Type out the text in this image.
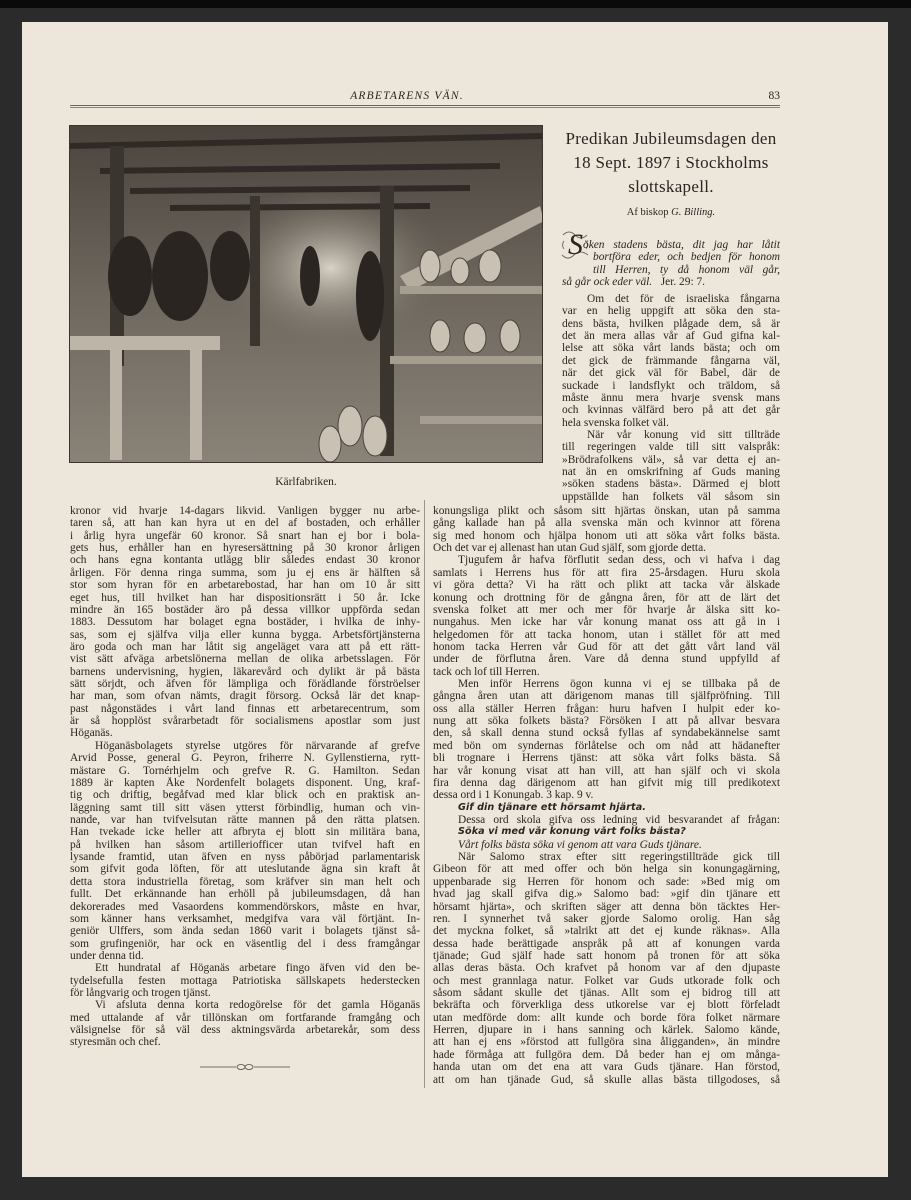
ARBETARENS VÄN.	83
Kärlfabriken.
kronor vid hvarje 14-dagars likvid. Vanligen bygger nu arbe-
taren så, att han kan hyra ut en del af bostaden, och erhåller
i årlig hyra ungefär 60 kronor. Så snart han ej bor i bola-
gets hus, erhåller han en hyresersättning på 30 kronor årligen
och hans egna kontanta utlägg blir således endast 30 kronor
årligen. För denna ringa summa, som ju ej ens är hälften så
stor som hyran för en arbetarebostad, har han om 10 år sitt
eget hus, till hvilket han har dispositionsrätt i 50 år. Icke
mindre än 165 bostäder äro på dessa villkor uppförda sedan
1883. Dessutom har bolaget egna bostäder, i hvilka de inhy-
sas, som ej själfva vilja eller kunna bygga. Arbetsförtjänsterna
äro goda och man har låtit sig angeläget vara att på ett rätt-
vist sätt afväga arbetslönerna mellan de olika arbetsslagen. För
barnens undervisning, hygien, läkarevård och dylikt är på bästa
sätt sörjdt, och äfven för lämpliga och förädlande förströelser
har man, som ofvan nämts, dragit försorg. Också lär det knap-
past någonstädes i vårt land finnas ett arbetarecentrum, som
är så hopplöst svårarbetadt för socialismens apostlar som just
Höganäs.
Höganäsbolagets styrelse utgöres för närvarande af grefve
Arvid Posse, general G. Peyron, friherre N. Gyllenstierna, rytt-
mästare G. Tornérhjelm och grefve R. G. Hamilton. Sedan
1889 är kapten Åke Nordenfelt bolagets disponent. Ung, kraf-
tig och driftig, begåfvad med klar blick och en praktisk an-
läggning samt till sitt väsen ytterst förbindlig, human och vin-
nande, var han tvifvelsutan rätte mannen på den rätta platsen.
Han tvekade icke heller att afbryta ej blott sin militära bana,
på hvilken han såsom artilleriofficer utan tvifvel haft en
lysande framtid, utan äfven en nyss påbörjad parlamentarisk
som gifvit goda löften, för att uteslutande ägna sin kraft åt
detta stora industriella företag, som kräfver sin man helt och
fullt. Det erkännande han erhöll på jubileumsdagen, då han
dekorerades med Vasaordens kommendörskors, måste en hvar,
som känner hans verksamhet, medgifva vara väl förtjänt. In-
geniör Ulffers, som ända sedan 1860 varit i bolagets tjänst så-
som grufingeniör, har ock en väsentlig del i dess framgångar
under denna tid.
Ett hundratal af Höganäs arbetare fingo äfven vid den be-
tydelsefulla festen mottaga Patriotiska sällskapets hederstecken
för långvarig och trogen tjänst.
Vi afsluta denna korta redogörelse för det gamla Höganäs
med uttalande af vår tillönskan om fortfarande framgång och
välsignelse för så väl dess aktningsvärda arbetarekår, som dess
styresmän och chef.
Predikan Jubileumsdagen den
18 Sept. 1897 i Stockholms
slottskapell.
Af biskop G. Billing.
S öken stadens bästa, dit jag har låtit
bortföra eder, och bedjen för honom
till Herren, ty då honom väl går,
så går ock eder väl. Jer. 29: 7.
Om det för de israeliska fångarna
var en helig uppgift att söka den sta-
dens bästa, hvilken plågade dem, så är
det än mera allas vår af Gud gifna kal-
lelse att söka vårt lands bästa; och om
det gick de främmande fångarna väl,
när det gick väl för Babel, där de
suckade i landsflykt och träldom, så
måste ännu mera hvarje svensk mans
och kvinnas välfärd bero på att det går
hela svenska folket väl.
När vår konung vid sitt tillträde
till regeringen valde till sitt valspråk:
»Brödrafolkens väl», så var detta ej an-
nat än en omskrifning af Guds maning
»söken stadens bästa». Därmed ej blott
uppställde han folkets väl såsom sin
konungsliga plikt och såsom sitt hjärtas önskan, utan på samma
gång kallade han på alla svenska män och kvinnor att förena
sig med honom och hjälpa honom uti att söka vårt folks bästa.
Och det var ej allenast han utan Gud själf, som gjorde detta.
Tjugufem år hafva förflutit sedan dess, och vi hafva i dag
samlats i Herrens hus för att fira 25-årsdagen. Huru skola
vi göra detta? Vi ha rätt och plikt att tacka vår älskade
konung och drottning för de gångna åren, för att de lärt det
svenska folket att mer och mer för hvarje år älska sitt ko-
nungahus. Men icke har vår konung manat oss att gå in i
helgedomen för att tacka honom, utan i stället för att med
honom tacka Herren vår Gud för att det gått vårt land väl
under de förflutna åren. Vare då denna stund uppfylld af
tack och lof till Herren.
Men inför Herrens ögon kunna vi ej se tillbaka på de
gångna åren utan att därigenom manas till själfpröfning. Till
oss alla ställer Herren frågan: huru hafven I hulpit eder ko-
nung att söka folkets bästa? Försöken I att på allvar besvara
den, så skall denna stund också fyllas af syndabekännelse samt
med bön om syndernas förlåtelse och om nåd att hädanefter
bli trognare i Herrens tjänst: att söka vårt folks bästa. Så
har vår konung visat att han vill, att han själf och vi skola
fira denna dag därigenom att han gifvit mig till predikotext
dessa ord i 1 Konungab. 3 kap. 9 v.
Gif din tjänare ett hörsamt hjärta.
Dessa ord skola gifva oss ledning vid besvarandet af frågan:
Söka vi med vår konung vårt folks bästa?
Vårt folks bästa söka vi genom att vara Guds tjänare.
När Salomo strax efter sitt regeringstillträde gick till
Gibeon för att med offer och bön helga sin konungagärning,
uppenbarade sig Herren för honom och sade: »Bed mig om
hvad jag skall gifva dig.» Salomo bad: »gif din tjänare ett
hörsamt hjärta», och skriften säger att denna bön täcktes Her-
ren. I synnerhet två saker gjorde Salomo orolig. Han såg
det myckna folket, så »talrikt att det ej kunde räknas». Alla
dessa hade berättigade anspråk på att af konungen varda
tjänade; Gud själf hade satt honom på tronen för att söka
allas deras bästa. Och krafvet på honom var af den djupaste
och mest grannlaga natur. Folket var Guds utkorade folk och
såsom sådant skulle det tjänas. Allt som ej bidrog till att
bekräfta och förverkliga dess utkorelse var ej blott förfeladt
utan medförde dom: allt kunde och borde föra folket närmare
Herren, djupare in i hans sanning och kärlek. Salomo kände,
att han ej ens »förstod att fullgöra sina åligganden», än mindre
hade förmåga att fullgöra dem. Då beder han ej om många-
handa utan om det ena att vara Guds tjänare. Han förstod,
att om han tjänade Gud, så skulle allas bästa tillgodoses, så
